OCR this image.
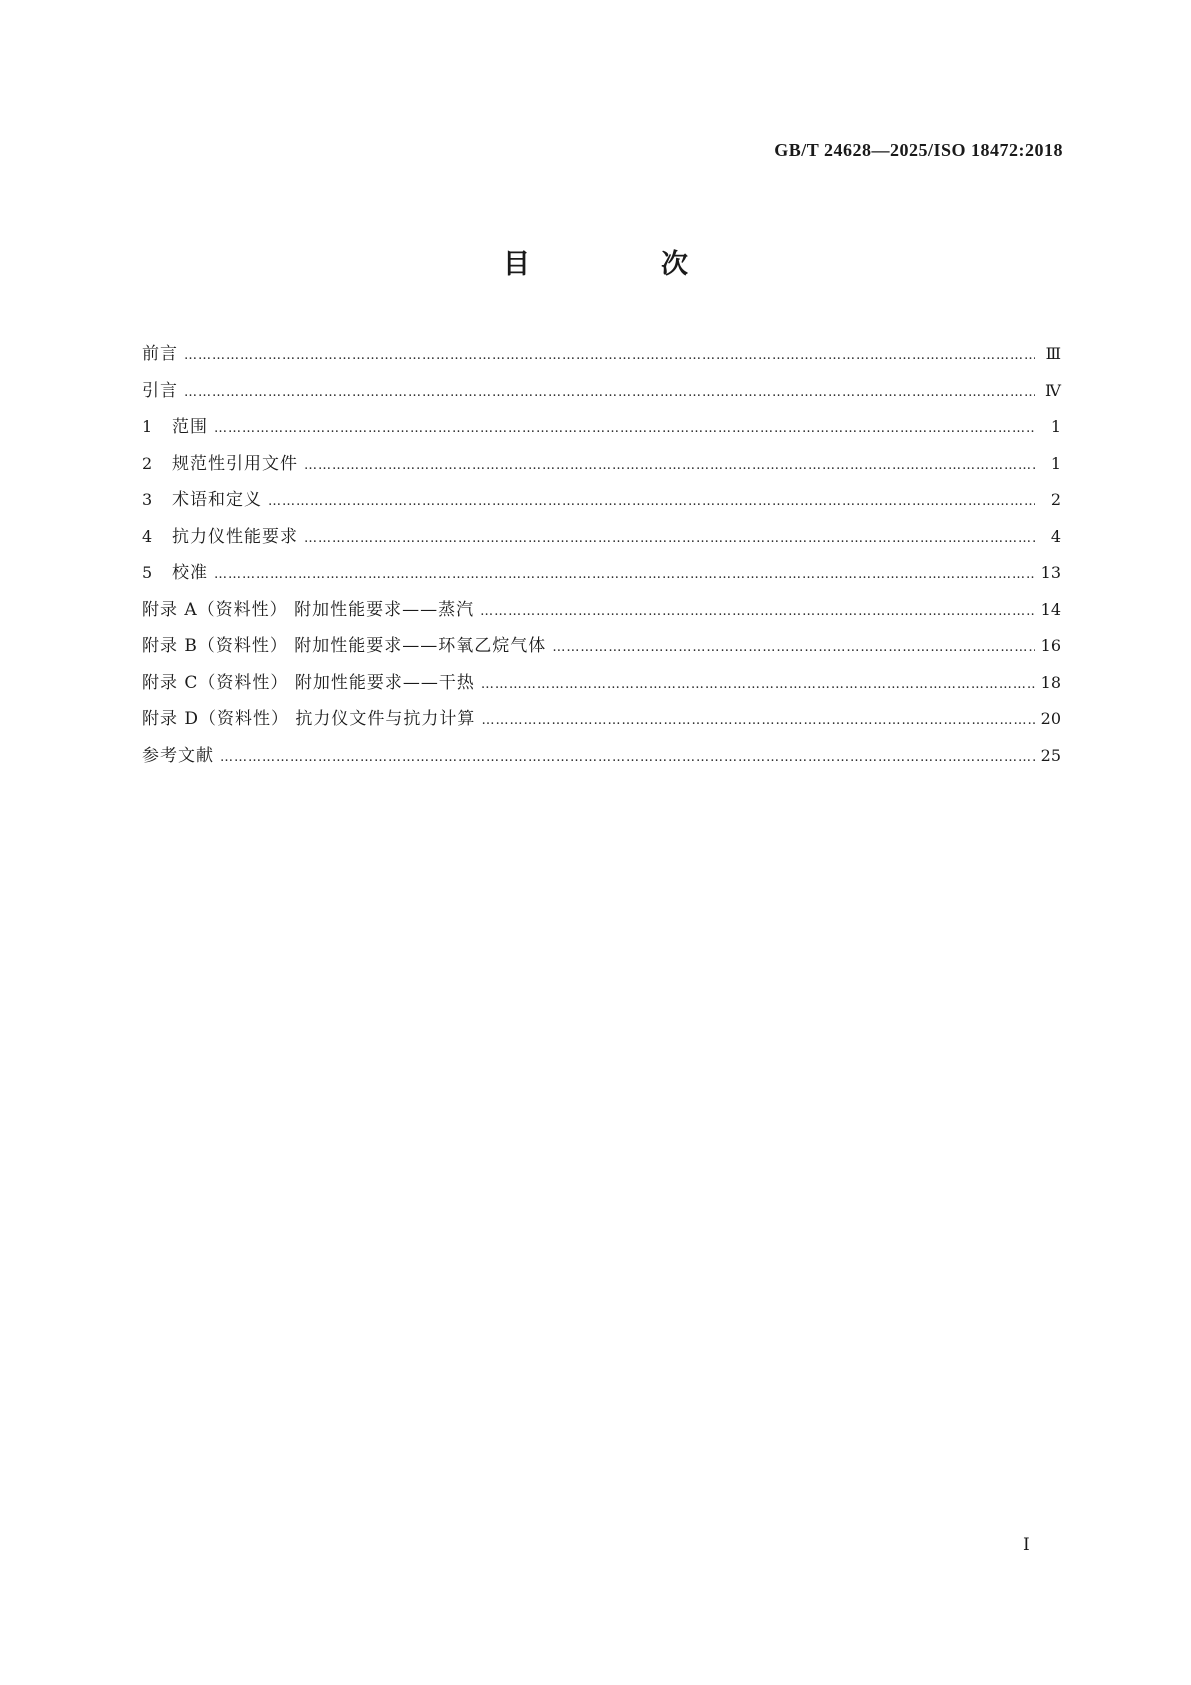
GB/T 24628—2025/ISO 18472:2018
目　次
前言 …………………………………………………………………………………………………………………………………………………………………………………………………………	Ⅲ
引言 …………………………………………………………………………………………………………………………………………………………………………………………………………	Ⅳ
1	范围 …………………………………………………………………………………………………………………………………………………………………………………………………………	1
2	规范性引用文件 …………………………………………………………………………………………………………………………………………………………………………………………………………	1
3	术语和定义 …………………………………………………………………………………………………………………………………………………………………………………………………………	2
4	抗力仪性能要求 …………………………………………………………………………………………………………………………………………………………………………………………………………	4
5	校准 …………………………………………………………………………………………………………………………………………………………………………………………………………	13
附录 A（资料性） 附加性能要求——蒸汽 …………………………………………………………………………………………………………………………………………………………………………………………………………	14
附录 B（资料性） 附加性能要求——环氧乙烷气体 …………………………………………………………………………………………………………………………………………………………………………………………………………	16
附录 C（资料性） 附加性能要求——干热 …………………………………………………………………………………………………………………………………………………………………………………………………………	18
附录 D（资料性） 抗力仪文件与抗力计算 …………………………………………………………………………………………………………………………………………………………………………………………………………	20
参考文献 …………………………………………………………………………………………………………………………………………………………………………………………………………	25
Ⅰ
